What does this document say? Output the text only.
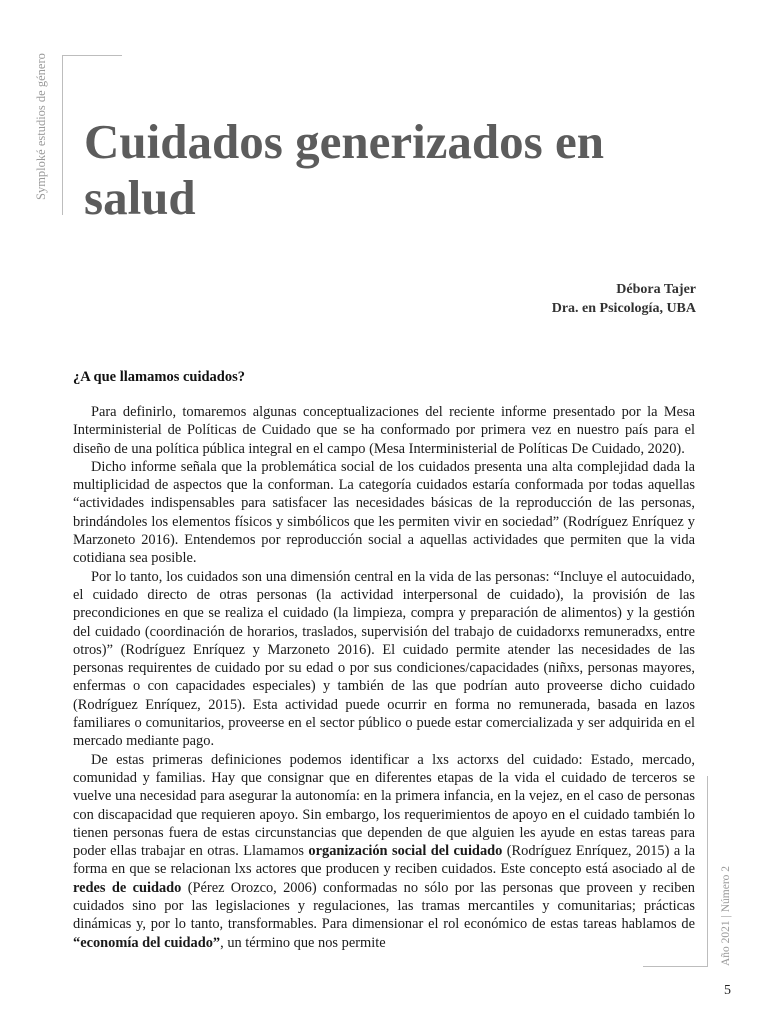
Symploké estudios de género Cuidados generizados en salud
Débora Tajer
Dra. en Psicología, UBA
¿A que llamamos cuidados?

Para definirlo, tomaremos algunas conceptualizaciones del reciente informe presentado por la Mesa Interministerial de Políticas de Cuidado que se ha conformado por primera vez en nuestro país para el diseño de una política pública integral en el campo (Mesa Interministerial de Políticas De Cuidado, 2020).

Dicho informe señala que la problemática social de los cuidados presenta una alta complejidad dada la multiplicidad de aspectos que la conforman. La categoría cuidados estaría conformada por todas aquellas “actividades indispensables para satisfacer las necesidades básicas de la reproducción de las personas, brindándoles los elementos físicos y simbólicos que les permiten vivir en sociedad” (Rodríguez Enríquez y Marzoneto 2016). Entendemos por reproducción social a aquellas actividades que permiten que la vida cotidiana sea posible.

Por lo tanto, los cuidados son una dimensión central en la vida de las personas: “Incluye el autocuidado, el cuidado directo de otras personas (la actividad interpersonal de cuidado), la provisión de las precondiciones en que se realiza el cuidado (la limpieza, compra y preparación de alimentos) y la gestión del cuidado (coordinación de horarios, traslados, supervisión del trabajo de cuidadorxs remuneradxs, entre otros)” (Rodríguez Enríquez y Marzoneto 2016). El cuidado permite atender las necesidades de las personas requirentes de cuidado por su edad o por sus condiciones/capacidades (niñxs, personas mayores, enfermas o con capacidades especiales) y también de las que podrían auto proveerse dicho cuidado (Rodríguez Enríquez, 2015). Esta actividad puede ocurrir en forma no remunerada, basada en lazos familiares o comunitarios, proveerse en el sector público o puede estar comercializada y ser adquirida en el mercado mediante pago.

De estas primeras definiciones podemos identificar a lxs actorxs del cuidado: Estado, mercado, comunidad y familias. Hay que consignar que en diferentes etapas de la vida el cuidado de terceros se vuelve una necesidad para asegurar la autonomía: en la primera infancia, en la vejez, en el caso de personas con discapacidad que requieren apoyo. Sin embargo, los requerimientos de apoyo en el cuidado también lo tienen personas fuera de estas circunstancias que dependen de que alguien les ayude en estas tareas para poder ellas trabajar en otras. Llamamos organización social del cuidado (Rodríguez Enríquez, 2015) a la forma en que se relacionan lxs actores que producen y reciben cuidados. Este concepto está asociado al de redes de cuidado (Pérez Orozco, 2006) conformadas no sólo por las personas que proveen y reciben cuidados sino por las legislaciones y regulaciones, las tramas mercantiles y comunitarias; prácticas dinámicas y, por lo tanto, transformables. Para dimensionar el rol económico de estas tareas hablamos de “economía del cuidado”, un término que nos permite	Año 2021 | Número 2
5
